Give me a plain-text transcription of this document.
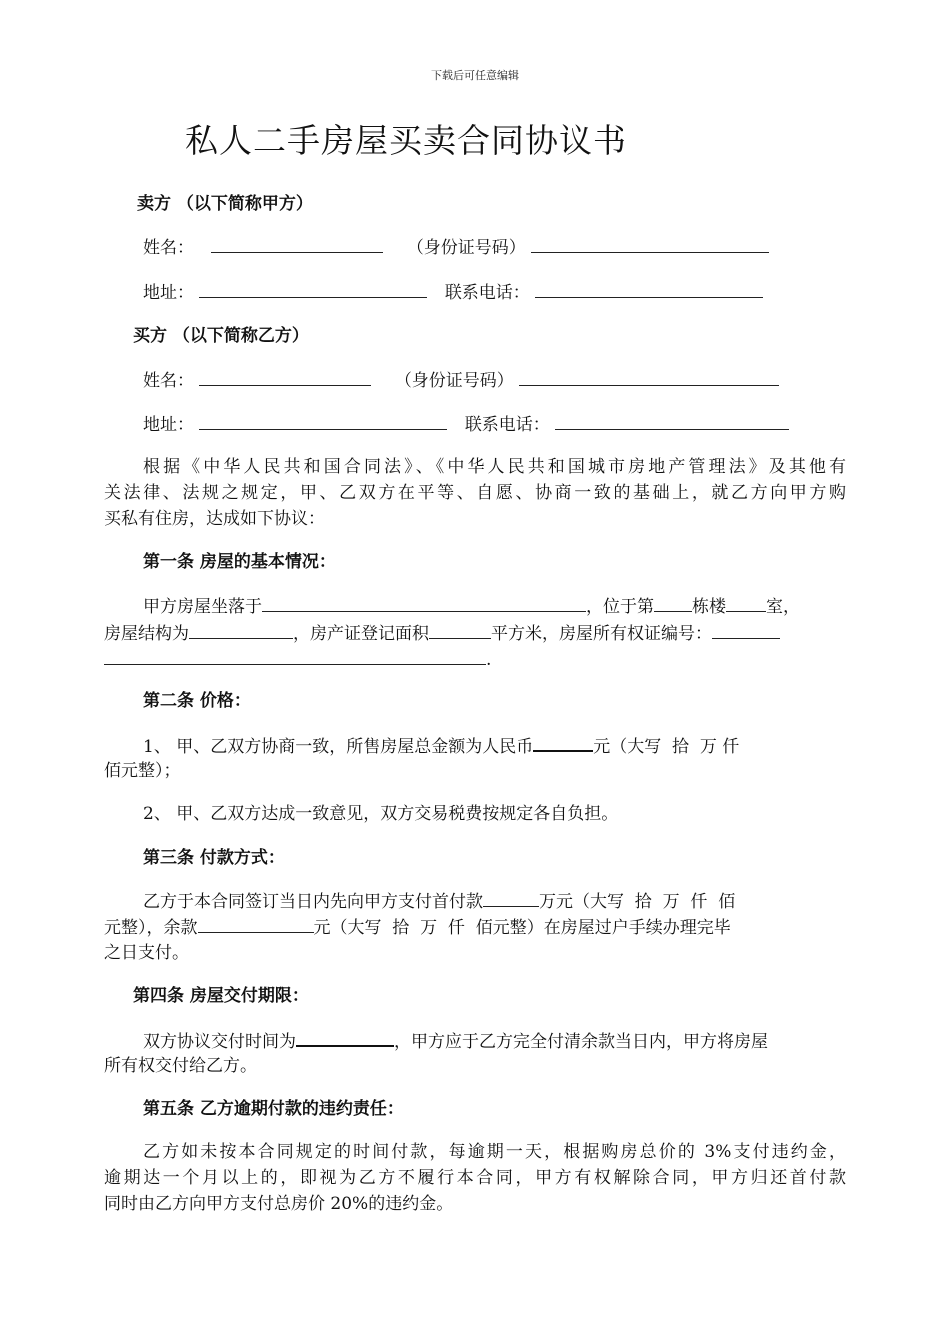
下载后可任意编辑
私人二手房屋买卖合同协议书
卖方 （以下简称甲方）
姓名：	（身份证号码）
地址：	联系电话：
买方 （以下简称乙方）
姓名：	（身份证号码）
地址：	联系电话：
根据《中华人民共和国合同法》、《中华人民共和国城市房地产管理法》及其他有
关法律、法规之规定，甲、乙双方在平等、自愿、协商一致的基础上，就乙方向甲方购
买私有住房，达成如下协议：
第一条 房屋的基本情况：
甲方房屋坐落于	，位于第 栋楼 室，
房屋结构为	，房产证登记面积	平方米，房屋所有权证编号：
.
第二条 价格：
1、 甲、乙双方协商一致，所售房屋总金额为人民币	元（大写  拾  万 仟
佰元整）；
2、 甲、乙双方达成一致意见，双方交易税费按规定各自负担。
第三条 付款方式：
乙方于本合同签订当日内先向甲方支付首付款	万元（大写  拾  万  仟  佰
元整），余款	元（大写  拾  万  仟  佰元整）在房屋过户手续办理完毕
之日支付。
第四条 房屋交付期限：
双方协议交付时间为	，甲方应于乙方完全付清余款当日内，甲方将房屋
所有权交付给乙方。
第五条 乙方逾期付款的违约责任：
乙方如未按本合同规定的时间付款，每逾期一天，根据购房总价的 3%支付违约金，
逾期达一个月以上的，即视为乙方不履行本合同，甲方有权解除合同，甲方归还首付款
同时由乙方向甲方支付总房价 20%的违约金。
